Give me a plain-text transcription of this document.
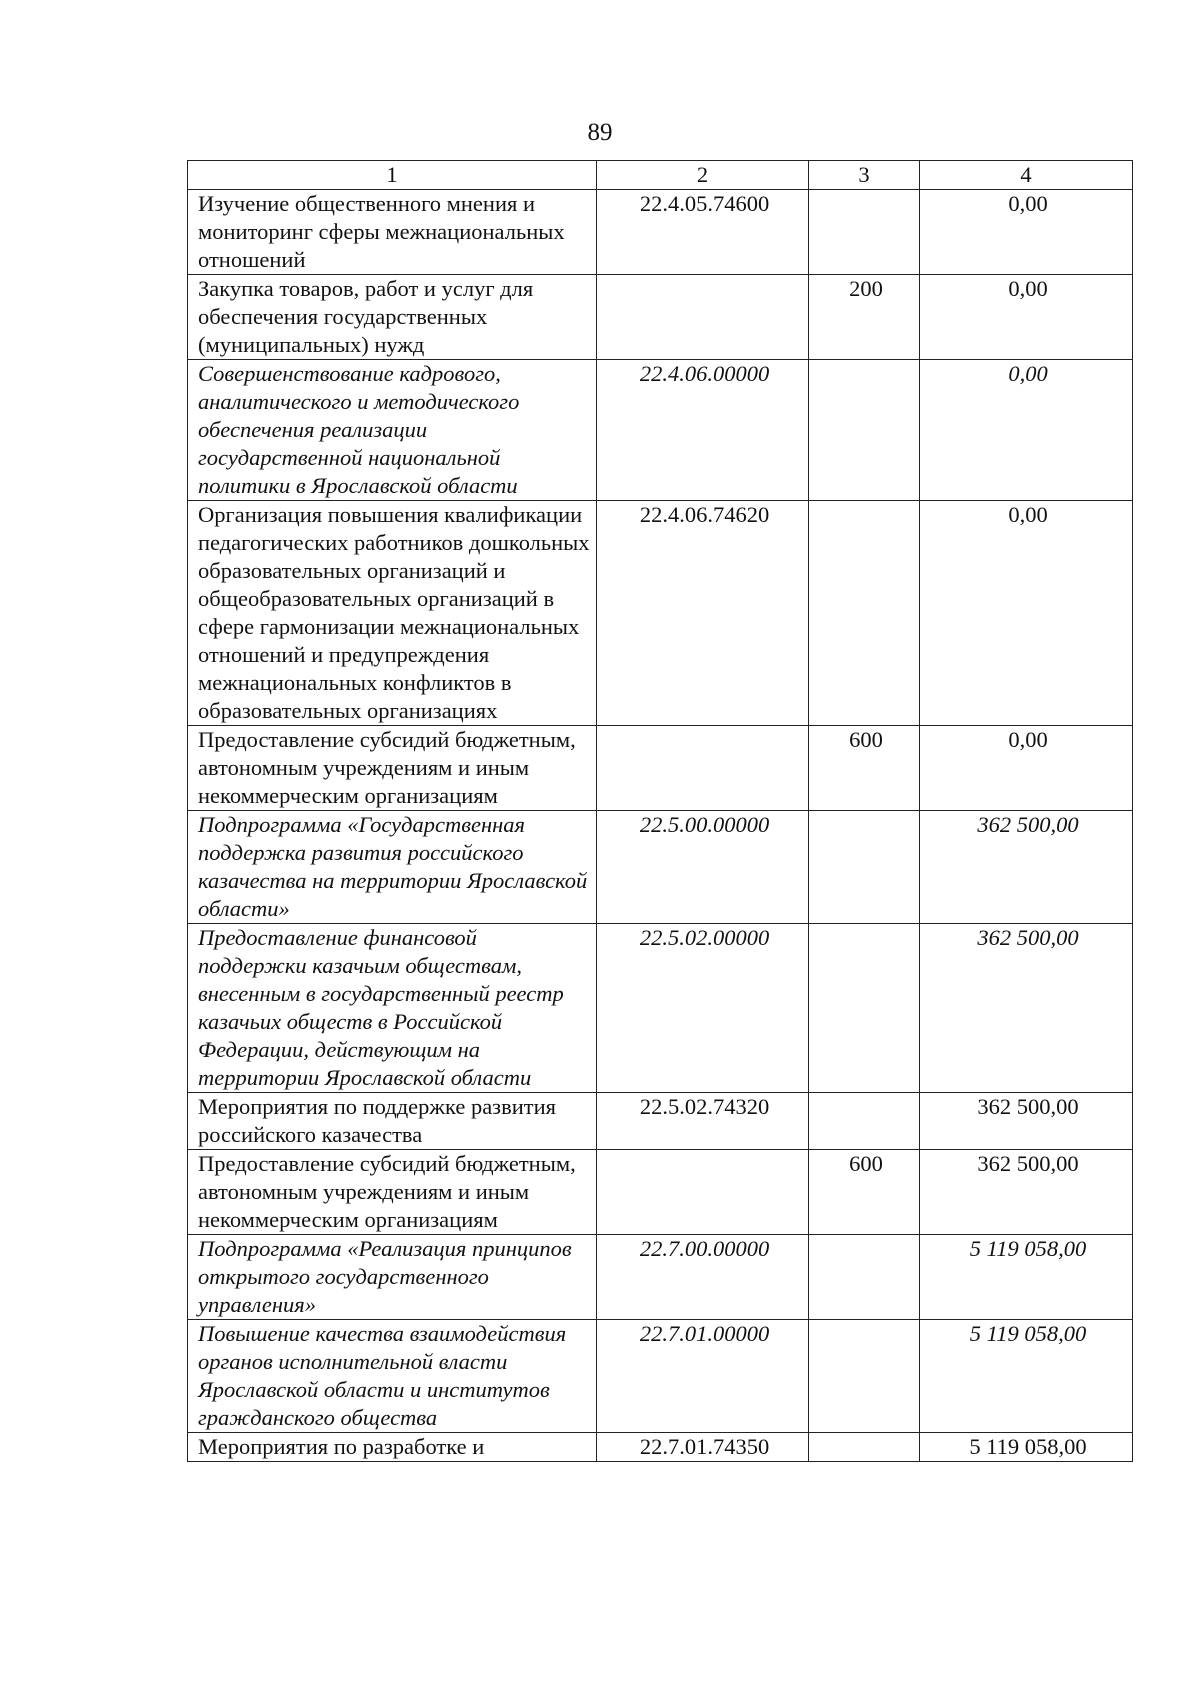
89
1	2	3	4
Изучение общественного мнения и мониторинг сферы межнациональных отношений	22.4.05.74600		0,00
Закупка товаров, работ и услуг для обеспечения государственных (муниципальных) нужд		200	0,00
Совершенствование кадрового, аналитического и методического обеспечения реализации государственной национальной политики в Ярославской области	22.4.06.00000		0,00
Организация повышения квалификации педагогических работников дошкольных образовательных организаций и общеобразовательных организаций в сфере гармонизации межнациональных отношений и предупреждения межнациональных конфликтов в образовательных организациях	22.4.06.74620		0,00
Предоставление субсидий бюджетным, автономным учреждениям и иным некоммерческим организациям		600	0,00
Подпрограмма «Государственная поддержка развития российского казачества на территории Ярославской области»	22.5.00.00000		362 500,00
Предоставление финансовой поддержки казачьим обществам, внесенным в государственный реестр казачьих обществ в Российской Федерации, действующим на территории Ярославской области	22.5.02.00000		362 500,00
Мероприятия по поддержке развития российского казачества	22.5.02.74320		362 500,00
Предоставление субсидий бюджетным, автономным учреждениям и иным некоммерческим организациям		600	362 500,00
Подпрограмма «Реализация принципов открытого государственного управления»	22.7.00.00000		5 119 058,00
Повышение качества взаимодействия органов исполнительной власти Ярославской области и институтов гражданского общества	22.7.01.00000		5 119 058,00
Мероприятия по разработке и	22.7.01.74350		5 119 058,00
